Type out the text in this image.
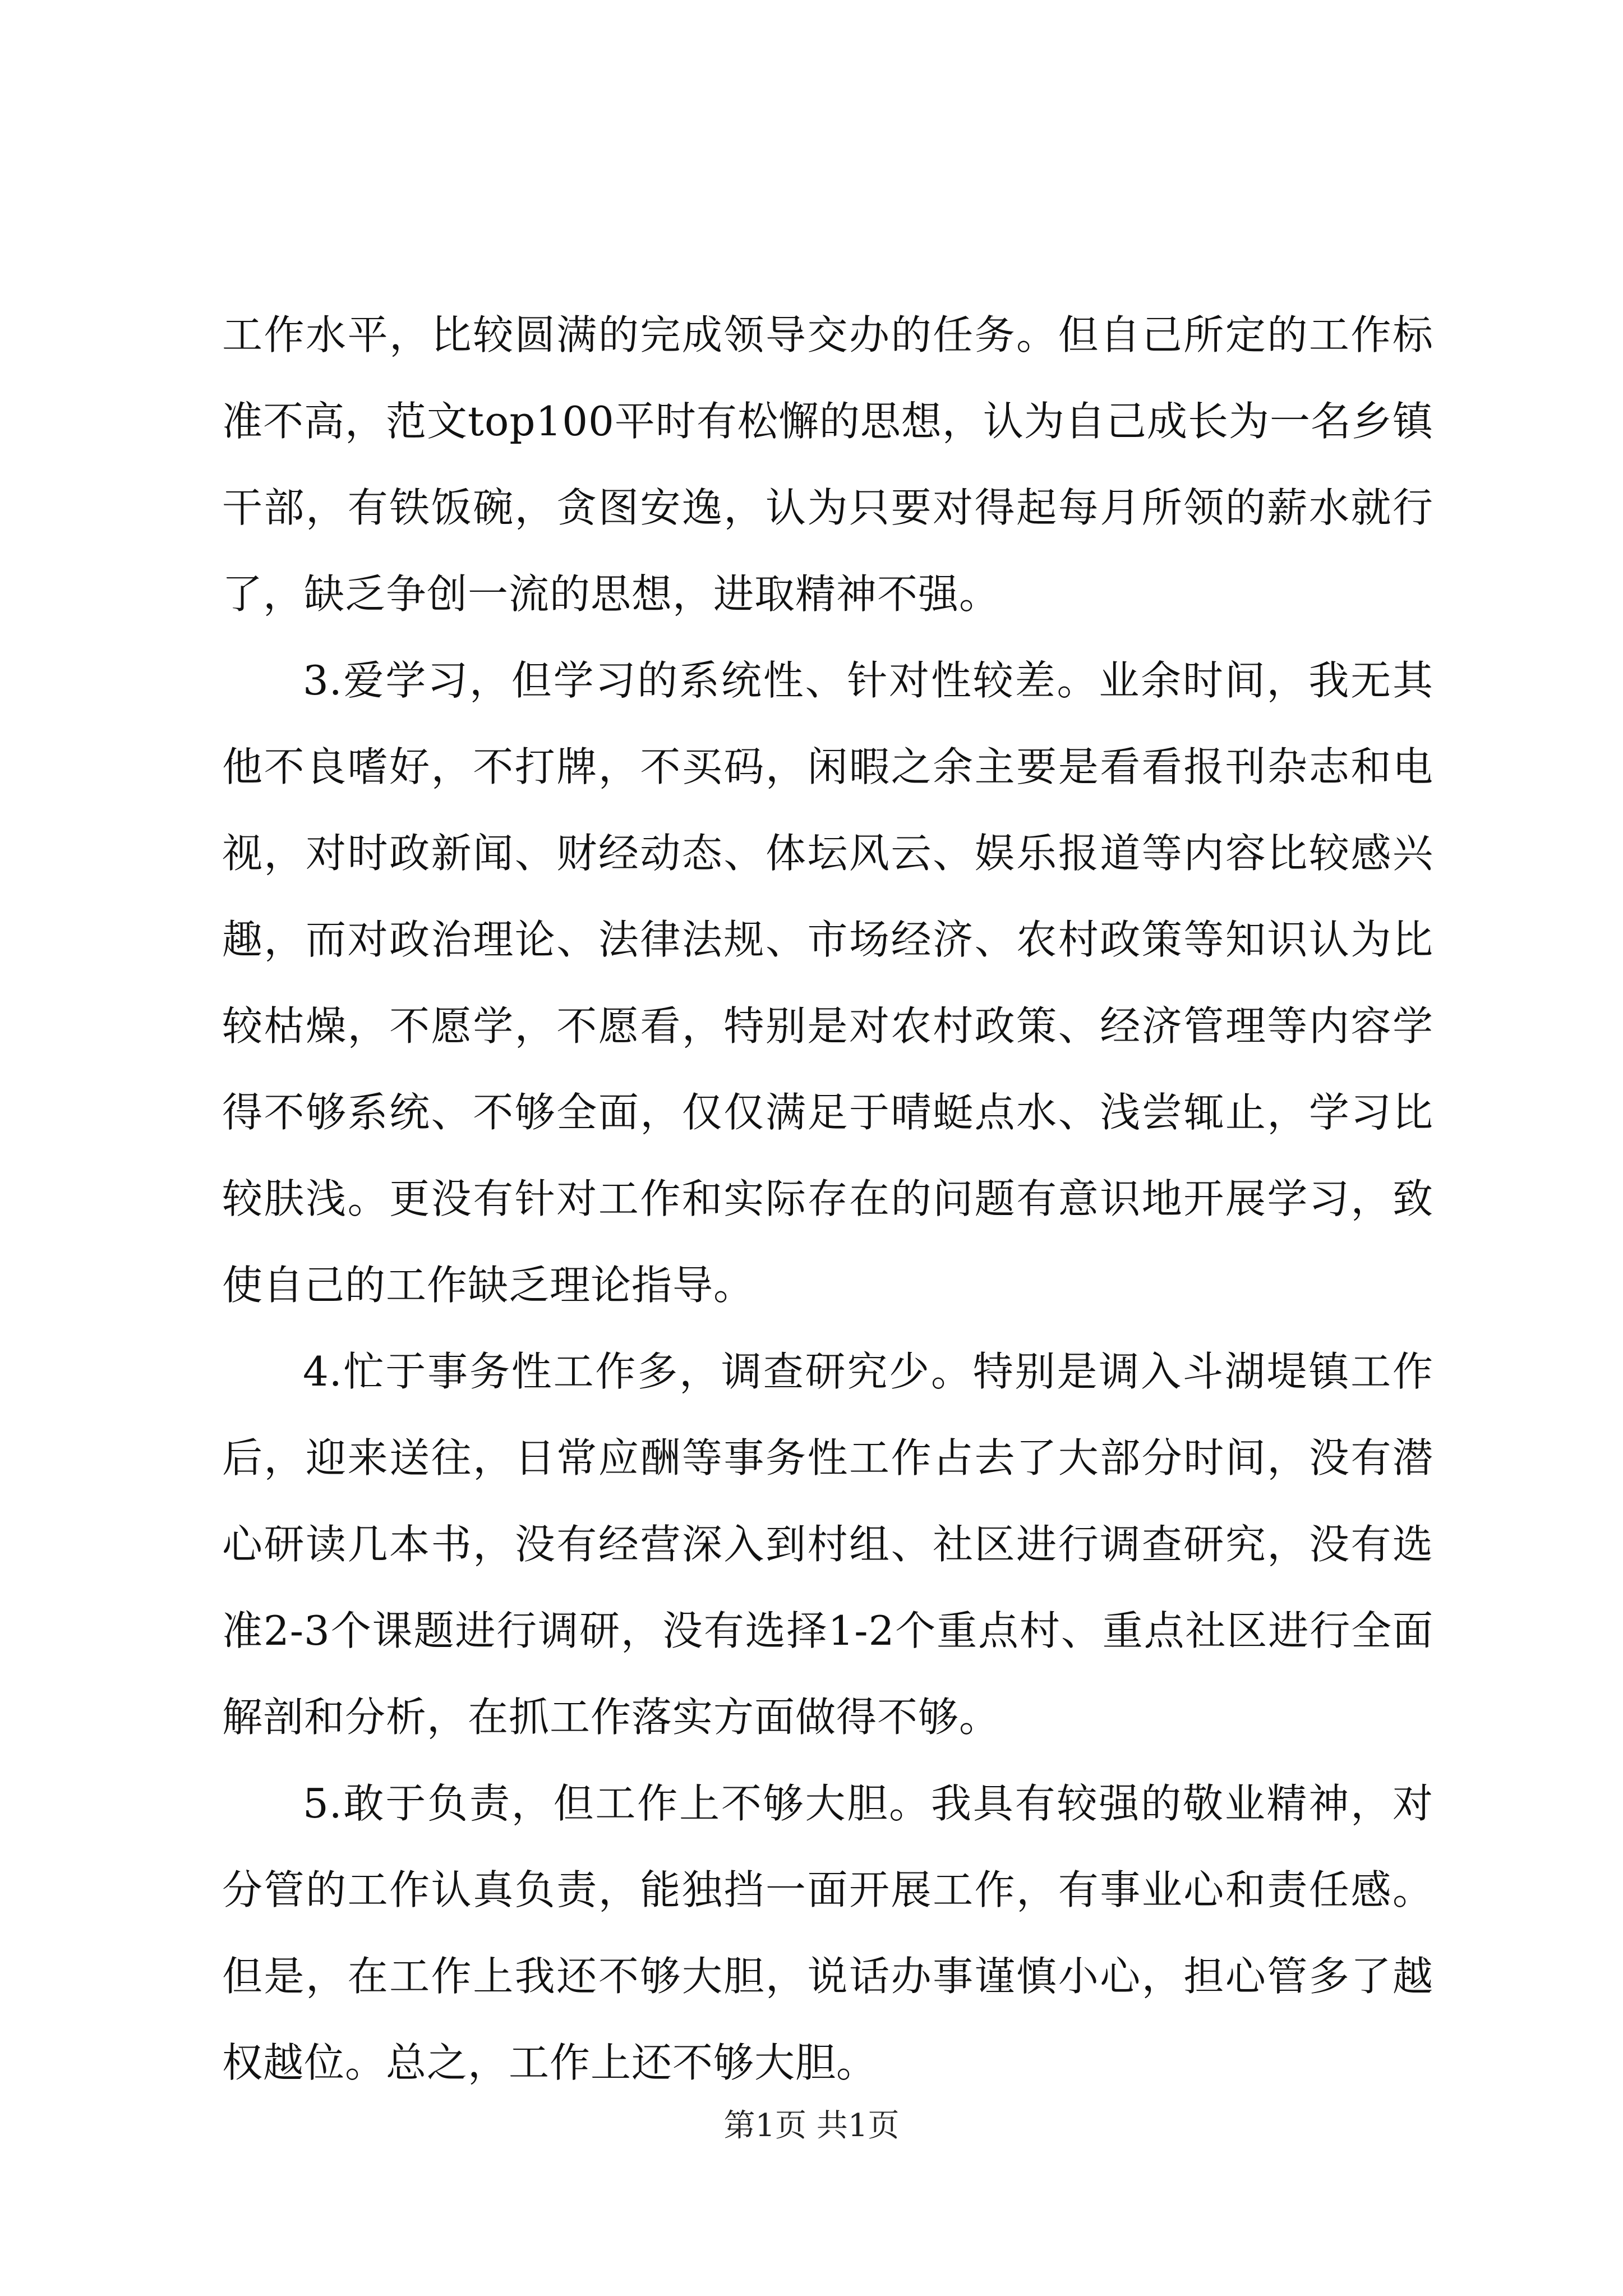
工作水平，比较圆满的完成领导交办的任务。但自己所定的工作标准不高，范文top100平时有松懈的思想，认为自己成长为一名乡镇干部，有铁饭碗，贪图安逸，认为只要对得起每月所领的薪水就行了，缺乏争创一流的思想，进取精神不强。

3.爱学习，但学习的系统性、针对性较差。业余时间，我无其他不良嗜好，不打牌，不买码，闲暇之余主要是看看报刊杂志和电视，对时政新闻、财经动态、体坛风云、娱乐报道等内容比较感兴趣，而对政治理论、法律法规、市场经济、农村政策等知识认为比较枯燥，不愿学，不愿看，特别是对农村政策、经济管理等内容学得不够系统、不够全面，仅仅满足于晴蜓点水、浅尝辄止，学习比较肤浅。更没有针对工作和实际存在的问题有意识地开展学习，致使自己的工作缺乏理论指导。

4.忙于事务性工作多，调查研究少。特别是调入斗湖堤镇工作后，迎来送往，日常应酬等事务性工作占去了大部分时间，没有潜心研读几本书，没有经营深入到村组、社区进行调查研究，没有选准2-3个课题进行调研，没有选择1-2个重点村、重点社区进行全面解剖和分析，在抓工作落实方面做得不够。

5.敢于负责，但工作上不够大胆。我具有较强的敬业精神，对分管的工作认真负责，能独挡一面开展工作，有事业心和责任感。但是，在工作上我还不够大胆，说话办事谨慎小心，担心管多了越权越位。总之，工作上还不够大胆。

第1页 共1页
